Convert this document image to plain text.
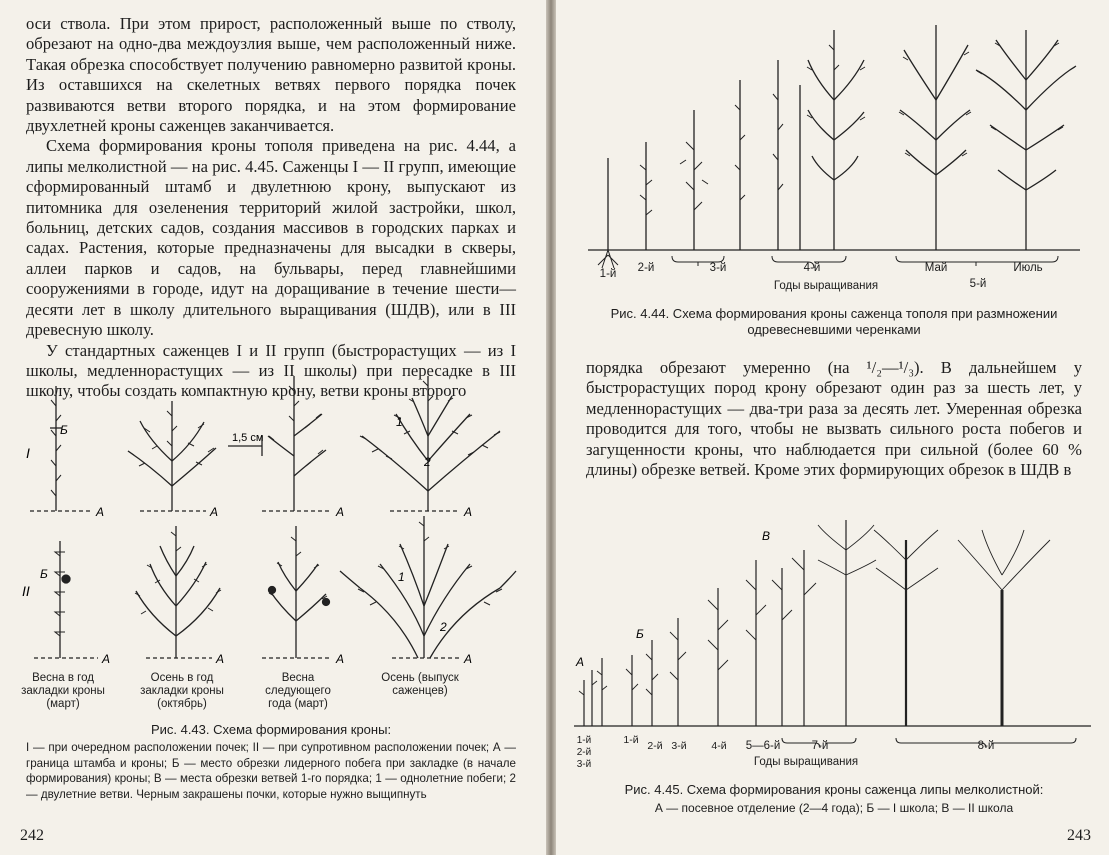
оси ствола. При этом прирост, расположенный выше по стволу, обрезают на одно-два междоузлия выше, чем расположенный ниже. Такая обрезка способствует получению равномерно развитой кроны. Из оставшихся на скелетных ветвях первого порядка почек развиваются ветви второго порядка, и на этом формирование двухлетней кроны саженцев заканчивается.

Схема формирования кроны тополя приведена на рис. 4.44, а липы мелколистной — на рис. 4.45. Саженцы I — II групп, имеющие сформированный штамб и двулетнюю крону, выпускают из питомника для озеленения территорий жилой застройки, школ, больниц, детских садов, создания массивов в городских парках и садах. Растения, которые предназначены для высадки в скверы, аллеи парков и садов, на бульвары, перед главнейшими сооружениями в городе, идут на доращивание в течение шести—десяти лет в школу длительного выращивания (ШДВ), или в III древесную школу.

У стандартных саженцев I и II групп (быстрорастущих — из I школы, медленнорастущих — из II школы) при пересадке в III школу, чтобы создать компактную крону, ветви кроны второго

Б
А	А	А	А
1,5 см
1
2
I
II
Б
А	А	А	А
1
2
Весна в год закладки кроны (март)
Осень в год закладки кроны (октябрь)
Весна следующего года (март)
Осень (выпуск саженцев)
Рис. 4.43. Схема формирования кроны:
I — при очередном расположении почек; II — при супротивном расположении почек; А — граница штамба и кроны; Б — место обрезки лидерного побега при закладке (в начале формирования) кроны; В — места обрезки ветвей 1-го порядка; 1 — однолетние побеги; 2 — двулетние ветви. Черным закрашены почки, которые нужно выщипнуть
242
1-й	2-й	3-й	4-й	Май	Июль
5-й
Годы выращивания
Рис. 4.44. Схема формирования кроны саженца тополя при размножении одревесневшими черенками
порядка обрезают умеренно (на ¹/₂—¹/₃). В дальнейшем у быстрорастущих пород крону обрезают один раз за шесть лет, у медленнорастущих — два-три раза за десять лет. Умеренная обрезка проводится для того, чтобы не вызвать сильного роста побегов и загущенности кроны, что наблюдается при сильной (более 60 % длины) обрезке ветвей. Кроме этих формирующих обрезок в ШДВ в
А
Б
В
1-й
2-й
3-й
1-й 2-й 3-й	4-й	5—6-й	7-й	8-й
Годы выращивания
Рис. 4.45. Схема формирования кроны саженца липы мелколистной:
А — посевное отделение (2—4 года); Б — I школа; В — II школа
243
